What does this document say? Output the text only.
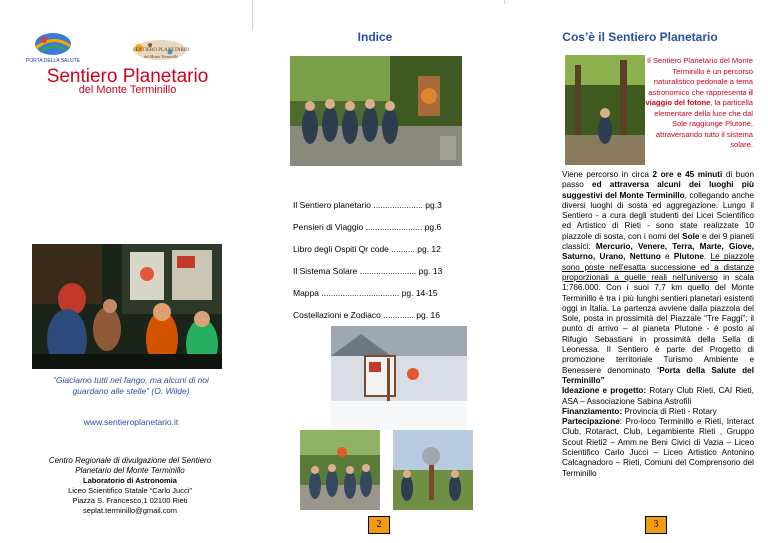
PORTA DELLA SALUTE
SENTIERO PLANETARIO
del Monte Terminillo
Sentiero Planetario
del Monte Terminillo
“Giaciamo tutti nel fango, ma alcuni di noi guardano alle stelle” (O. Wilde)
www.sentieroplanetario.it
Centro Regionale di divulgazione del Sentiero Planetario del Monte Terminillo
Laboratorio di Astronomia
Liceo Scientifico Statale “Carlo Jucci”
Piazza S. Francesco,1 02100 Rieti
seplat.terminillo@gmail.com
Indice
Il Sentiero planetario ..................... pg.3
Pensieri di Viaggio ........................ pg.6
Libro degli Ospiti Qr code .......... pg. 12
Il Sistema Solare ........................ pg. 13
Mappa ................................. pg. 14-15
Costellazioni e Zodiaco ............. pg. 16
2
Cos’è il Sentiero Planetario
Il Sentiero Planetario del Monte Terminillo è un percorso naturalistico pedonale a tema astronomico che rappresenta il viaggio del fotone, la particella elementare della luce che dal Sole raggiunge Plutone, attraversando tutto il sistema solare.
Viene percorso in circa 2 ore e 45 minuti di buon passo ed attraversa alcuni dei luoghi più suggestivi del Monte Terminillo, collegando anche diversi luoghi di sosta ed aggregazione. Lungo il Sentiero - a cura degli studenti dei Licei Scientifico ed Artistico di Rieti - sono state realizzate 10 piazzole di sosta, con i nomi del Sole e dei 9 pianeti classici: Mercurio, Venere, Terra, Marte, Giove, Saturno, Urano, Nettuno e Plutone. Le piazzole sono poste nell'esatta successione ed a distanze proporzionali a quelle reali nell'universo in scala 1:766.000. Con i suoi 7,7 km quello del Monte Terminillo è tra i più lunghi sentieri planetari esistenti oggi in Italia. La partenza avviene dalla piazzola del Sole, posta in prossimità del Piazzale “Tre Faggi”; il punto di arrivo – al pianeta Plutone - è posto al Rifugio Sebastiani in prossimità della Sella di Leonessa. Il Sentiero è parte del Progetto di promozione territoriale Turismo Ambiente e Benessere denominato “Porta della Salute del Terminillo”
Ideazione e progetto: Rotary Club Rieti, CAI Rieti, ASA – Associazione Sabina Astrofili
Finanziamento: Provincia di Rieti - Rotary
Partecipazione: Pro-loco Terminillo e Rieti, Interact Club, Rotaract, Club, Legambiente Rieti , Gruppo Scout Rieti2 – Amm.ne Beni Civici di Vazia – Liceo Scientifico Carlo Jucci – Liceo Artistico Antonino Calcagnadoro – Rieti, Comuni del Comprensorio del Terminillo
3
